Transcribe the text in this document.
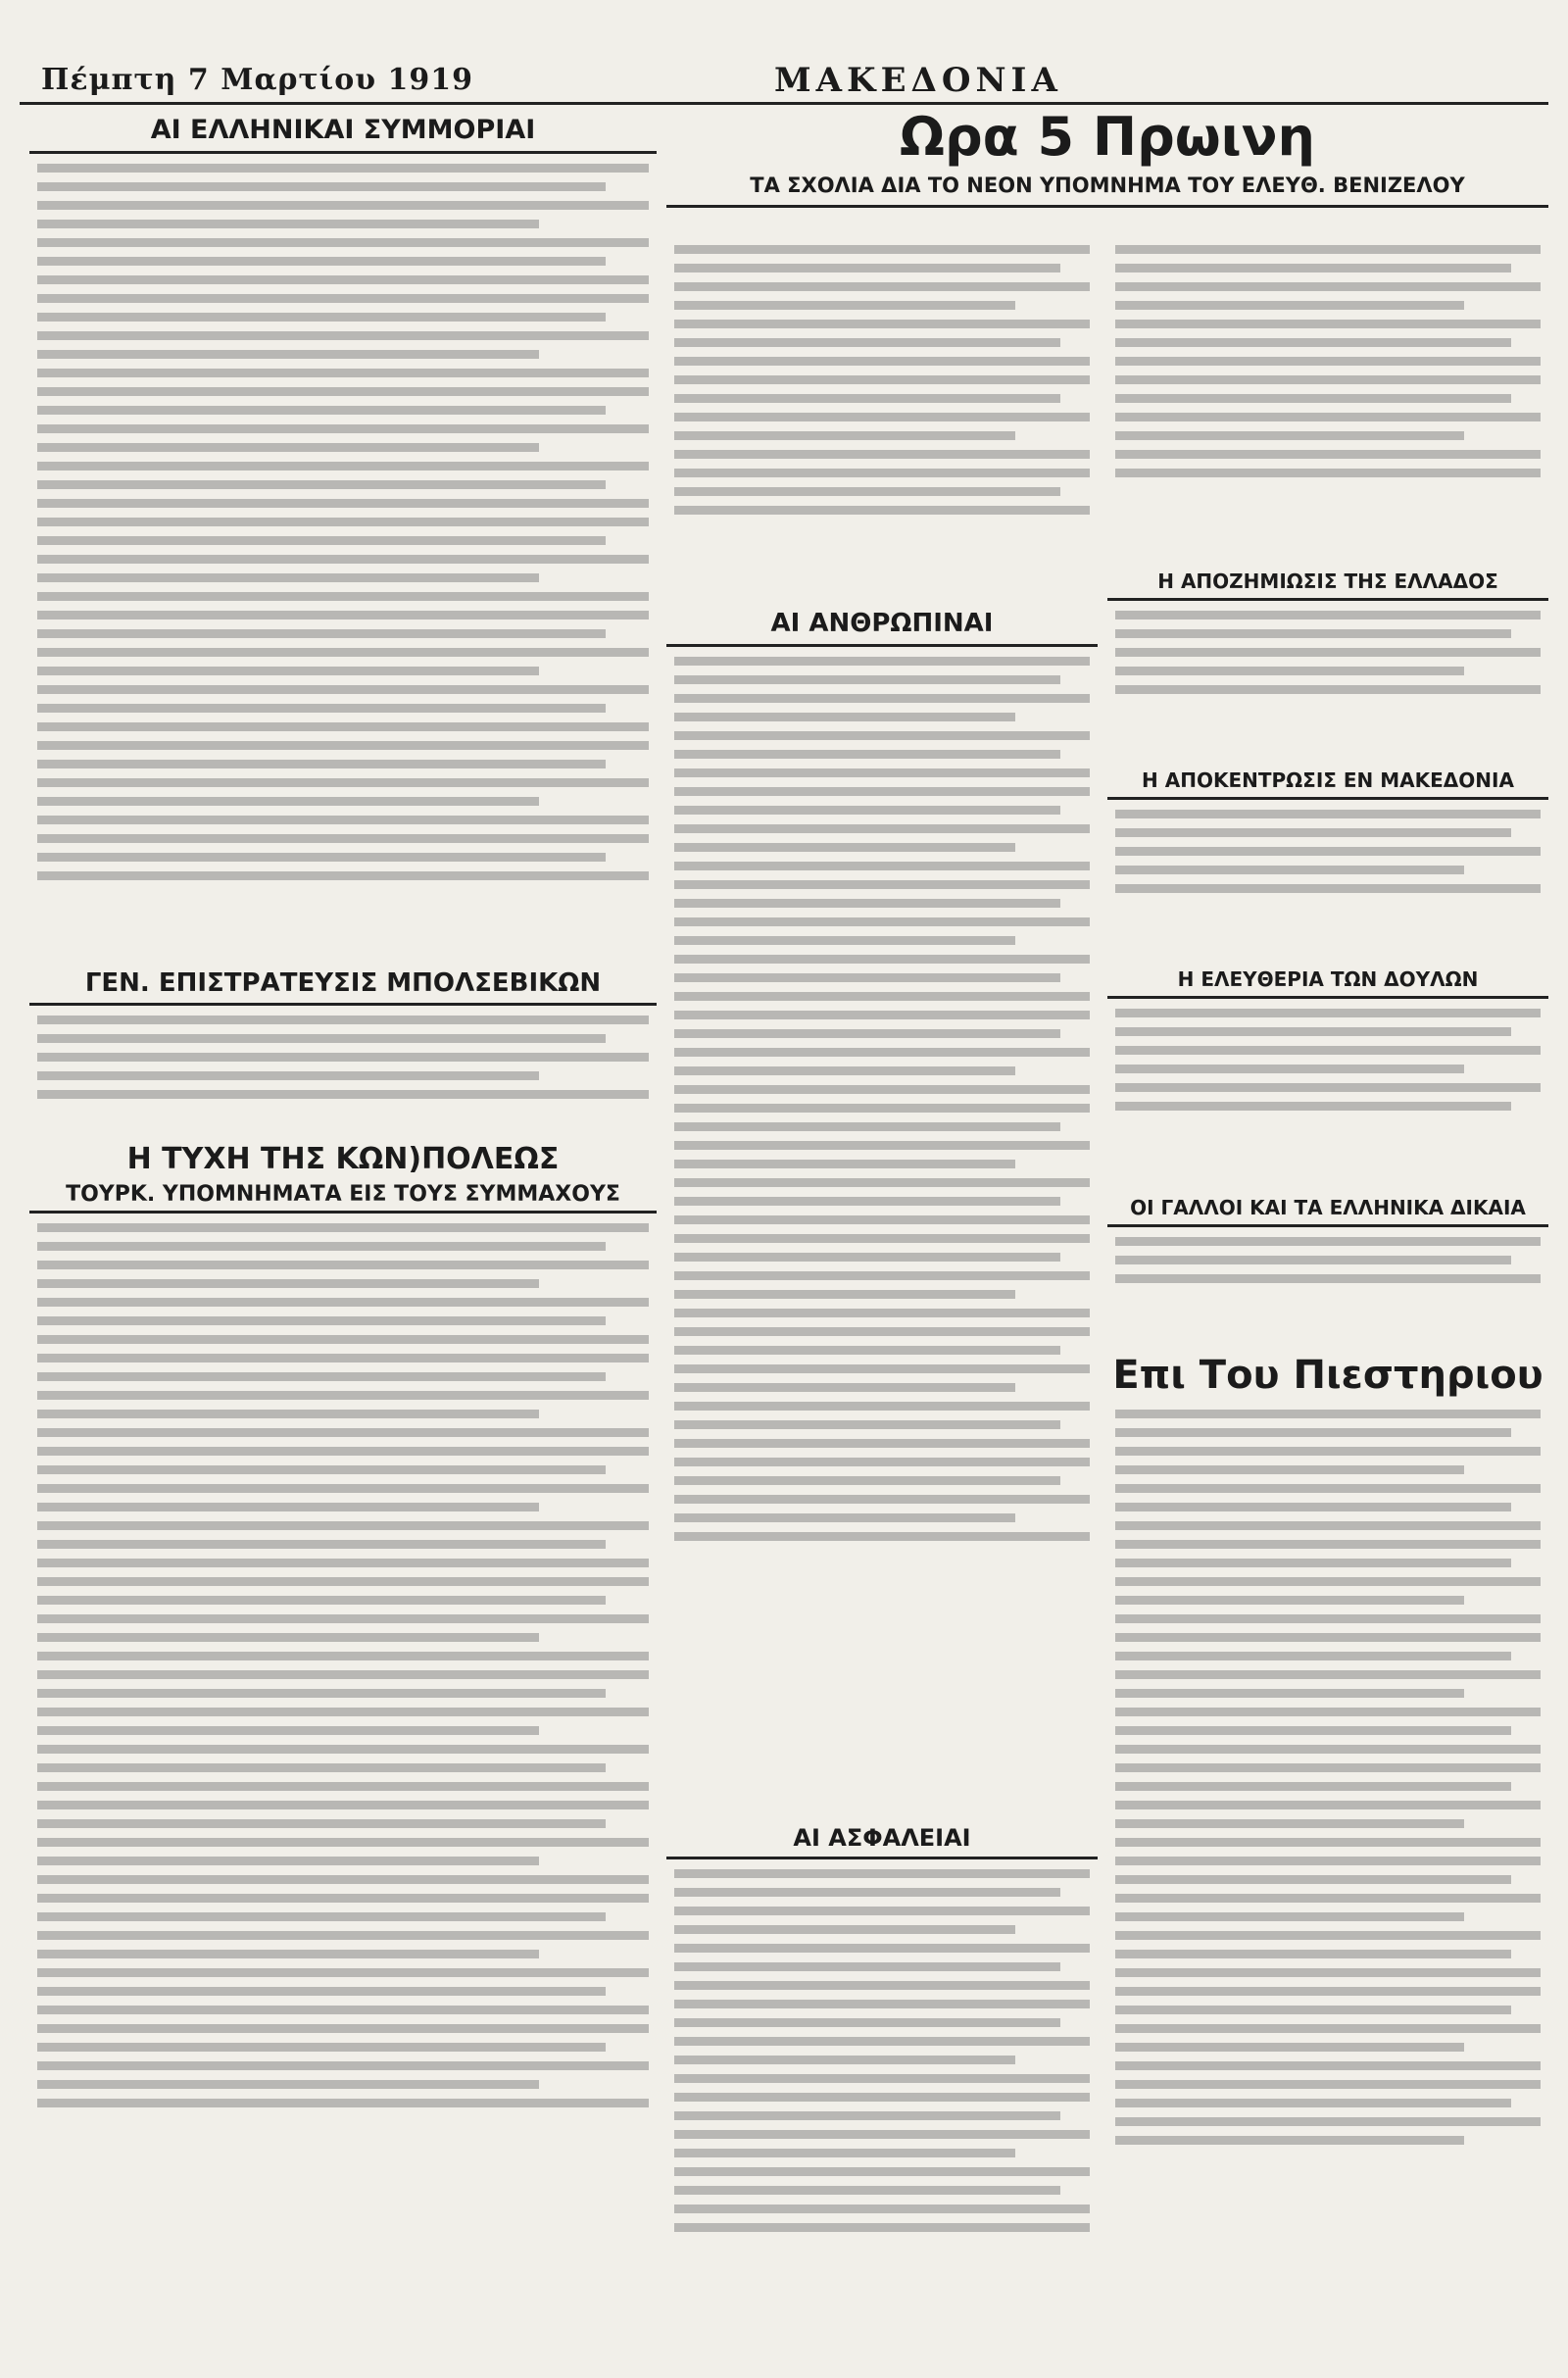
Πέμπτη 7 Μαρτίου 1919	ΜΑΚΕΔΟΝΙΑ
ΑΙ ΕΛΛΗΝΙΚΑΙ ΣΥΜΜΟΡΙΑΙ
ΓΕΝ. ΕΠΙΣΤΡΑΤΕΥΣΙΣ ΜΠΟΛΣΕΒΙΚΩΝ
Η ΤΥΧΗ ΤΗΣ ΚΩΝ)ΠΟΛΕΩΣ
ΤΟΥΡΚ. ΥΠΟΜΝΗΜΑΤΑ ΕΙΣ ΤΟΥΣ ΣΥΜΜΑΧΟΥΣ
Ωρα 5 Πρωινη
ΤΑ ΣΧΟΛΙΑ ΔΙΑ ΤΟ ΝΕΟΝ ΥΠΟΜΝΗΜΑ ΤΟΥ ΕΛΕΥΘ. ΒΕΝΙΖΕΛΟΥ
ΑΙ ΑΝΘΡΩΠΙΝΑΙ
ΑΙ ΑΣΦΑΛΕΙΑΙ
Η ΑΠΟΖΗΜΙΩΣΙΣ ΤΗΣ ΕΛΛΑΔΟΣ
Η ΑΠΟΚΕΝΤΡΩΣΙΣ ΕΝ ΜΑΚΕΔΟΝΙΑ
Η ΕΛΕΥΘΕΡΙΑ ΤΩΝ ΔΟΥΛΩΝ
ΟΙ ΓΑΛΛΟΙ ΚΑΙ ΤΑ ΕΛΛΗΝΙΚΑ ΔΙΚΑΙΑ
Επι Του Πιεστηριου
